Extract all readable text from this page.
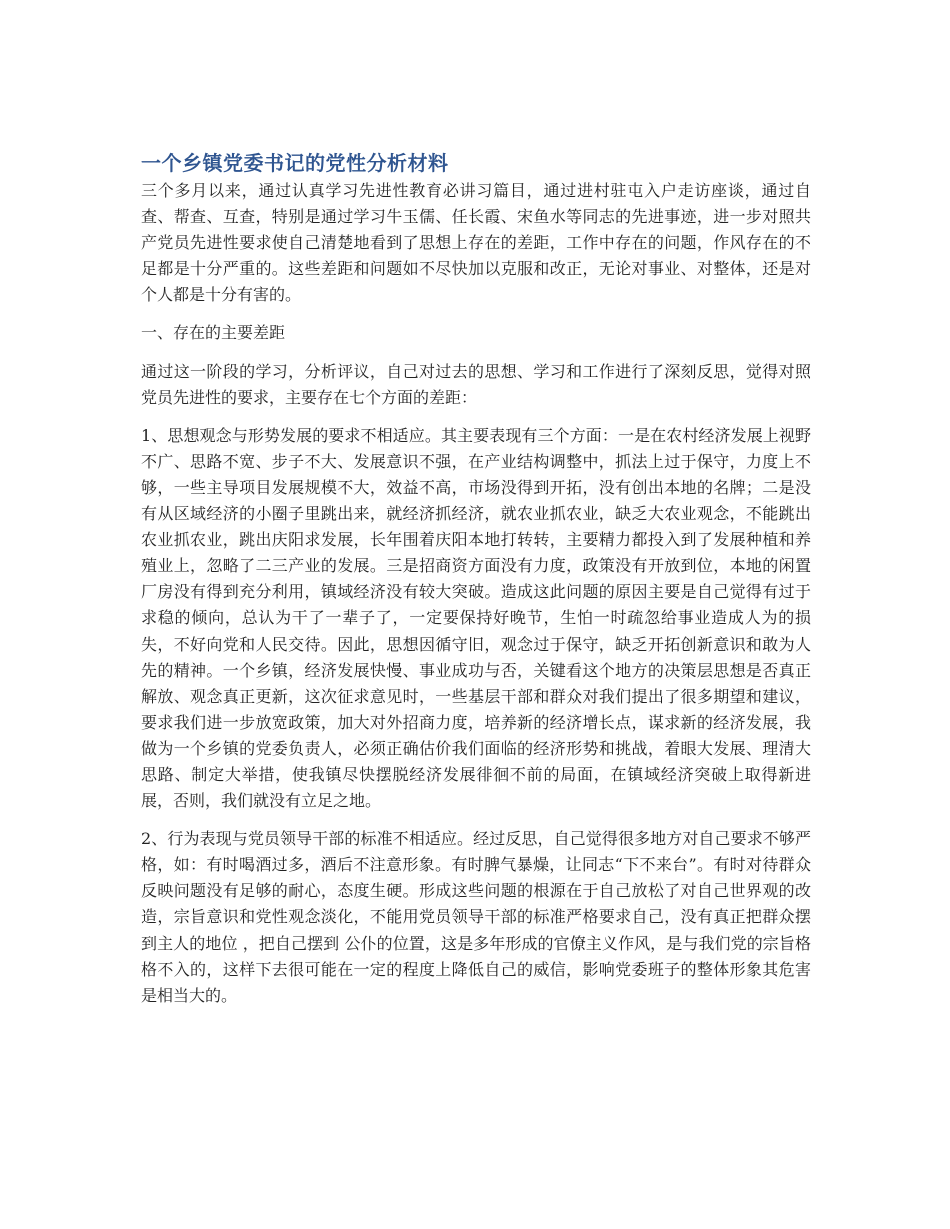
一个乡镇党委书记的党性分析材料

三个多月以来，通过认真学习先进性教育必讲习篇目，通过进村驻屯入户走访座谈，通过自查、帮查、互查，特别是通过学习牛玉儒、任长霞、宋鱼水等同志的先进事迹，进一步对照共产党员先进性要求使自己清楚地看到了思想上存在的差距，工作中存在的问题，作风存在的不足都是十分严重的。这些差距和问题如不尽快加以克服和改正，无论对事业、对整体，还是对个人都是十分有害的。

一、存在的主要差距

通过这一阶段的学习，分析评议，自己对过去的思想、学习和工作进行了深刻反思，觉得对照党员先进性的要求，主要存在七个方面的差距：

1、思想观念与形势发展的要求不相适应。其主要表现有三个方面：一是在农村经济发展上视野不广、思路不宽、步子不大、发展意识不强，在产业结构调整中，抓法上过于保守，力度上不够，一些主导项目发展规模不大，效益不高，市场没得到开拓，没有创出本地的名牌；二是没有从区域经济的小圈子里跳出来，就经济抓经济，就农业抓农业，缺乏大农业观念，不能跳出农业抓农业，跳出庆阳求发展，长年围着庆阳本地打转转，主要精力都投入到了发展种植和养殖业上，忽略了二三产业的发展。三是招商资方面没有力度，政策没有开放到位，本地的闲置厂房没有得到充分利用，镇域经济没有较大突破。造成这此问题的原因主要是自己觉得有过于求稳的倾向，总认为干了一辈子了，一定要保持好晚节，生怕一时疏忽给事业造成人为的损失，不好向党和人民交待。因此，思想因循守旧，观念过于保守，缺乏开拓创新意识和敢为人先的精神。一个乡镇，经济发展快慢、事业成功与否，关键看这个地方的决策层思想是否真正解放、观念真正更新，这次征求意见时，一些基层干部和群众对我们提出了很多期望和建议，要求我们进一步放宽政策，加大对外招商力度，培养新的经济增长点，谋求新的经济发展，我做为一个乡镇的党委负责人，必须正确估价我们面临的经济形势和挑战，着眼大发展、理清大思路、制定大举措，使我镇尽快摆脱经济发展徘徊不前的局面，在镇域经济突破上取得新进展，否则，我们就没有立足之地。

2、行为表现与党员领导干部的标准不相适应。经过反思，自己觉得很多地方对自己要求不够严格，如：有时喝酒过多，酒后不注意形象。有时脾气暴燥，让同志“下不来台”。有时对待群众反映问题没有足够的耐心，态度生硬。形成这些问题的根源在于自己放松了对自己世界观的改造，宗旨意识和党性观念淡化，不能用党员领导干部的标准严格要求自己，没有真正把群众摆到主人的地位 ，把自己摆到 公仆的位置，这是多年形成的官僚主义作风，是与我们党的宗旨格格不入的，这样下去很可能在一定的程度上降低自己的威信，影响党委班子的整体形象其危害是相当大的。
